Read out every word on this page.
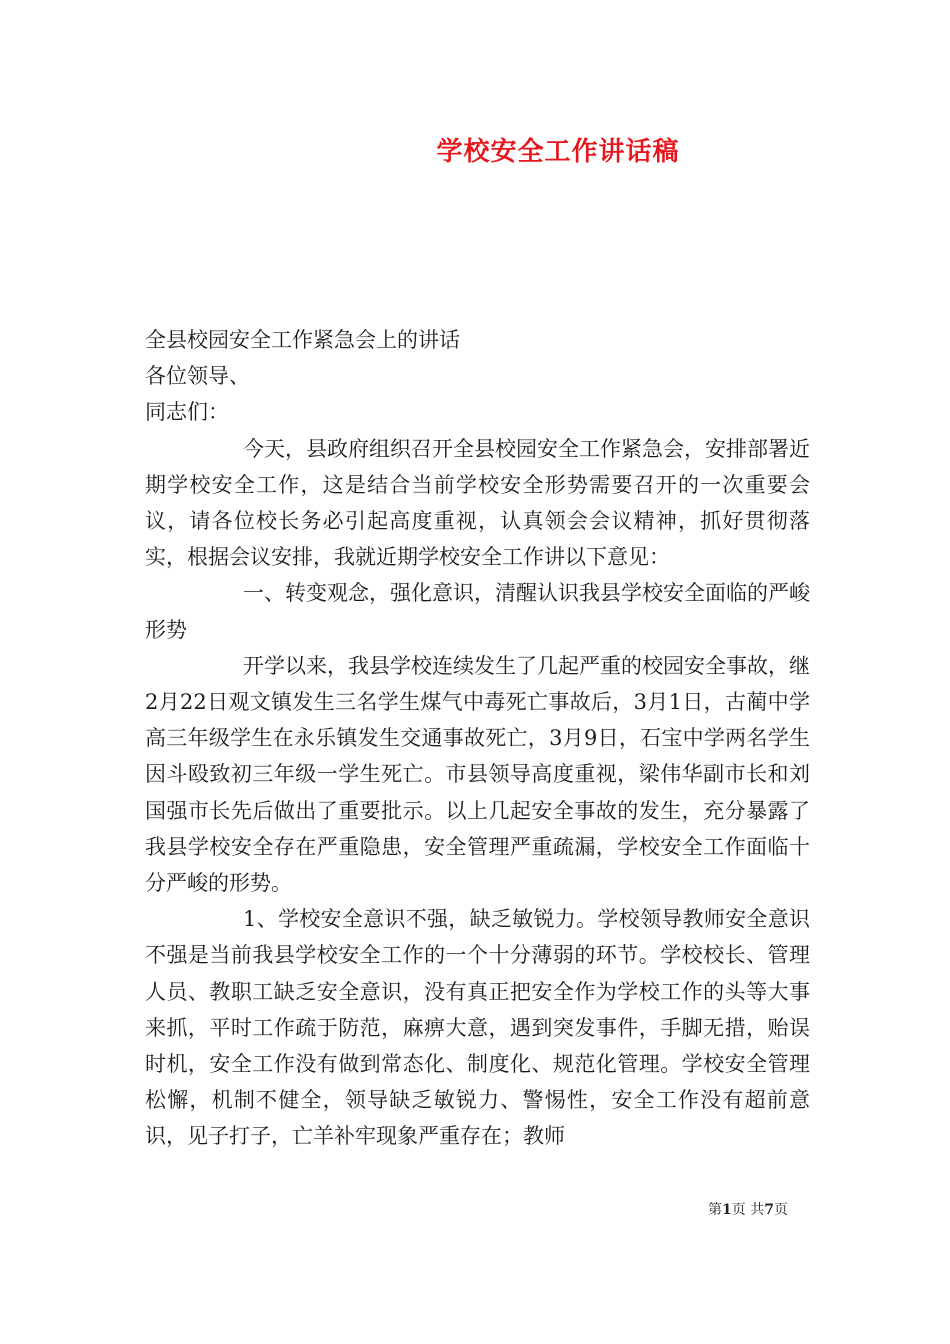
学校安全工作讲话稿

全县校园安全工作紧急会上的讲话

各位领导、

同志们：

今天，县政府组织召开全县校园安全工作紧急会，安排部署近期学校安全工作，这是结合当前学校安全形势需要召开的一次重要会议，请各位校长务必引起高度重视，认真领会会议精神，抓好贯彻落实，根据会议安排，我就近期学校安全工作讲以下意见：

一、转变观念，强化意识，清醒认识我县学校安全面临的严峻形势

开学以来，我县学校连续发生了几起严重的校园安全事故，继2月22日观文镇发生三名学生煤气中毒死亡事故后，3月1日，古蔺中学高三年级学生在永乐镇发生交通事故死亡，3月9日，石宝中学两名学生因斗殴致初三年级一学生死亡。市县领导高度重视，梁伟华副市长和刘国强市长先后做出了重要批示。以上几起安全事故的发生，充分暴露了我县学校安全存在严重隐患，安全管理严重疏漏，学校安全工作面临十分严峻的形势。

1、学校安全意识不强，缺乏敏锐力。学校领导教师安全意识不强是当前我县学校安全工作的一个十分薄弱的环节。学校校长、管理人员、教职工缺乏安全意识，没有真正把安全作为学校工作的头等大事来抓，平时工作疏于防范，麻痹大意，遇到突发事件，手脚无措，贻误时机，安全工作没有做到常态化、制度化、规范化管理。学校安全管理松懈，机制不健全，领导缺乏敏锐力、警惕性，安全工作没有超前意识，见子打子，亡羊补牢现象严重存在；教师

第1页 共7页
